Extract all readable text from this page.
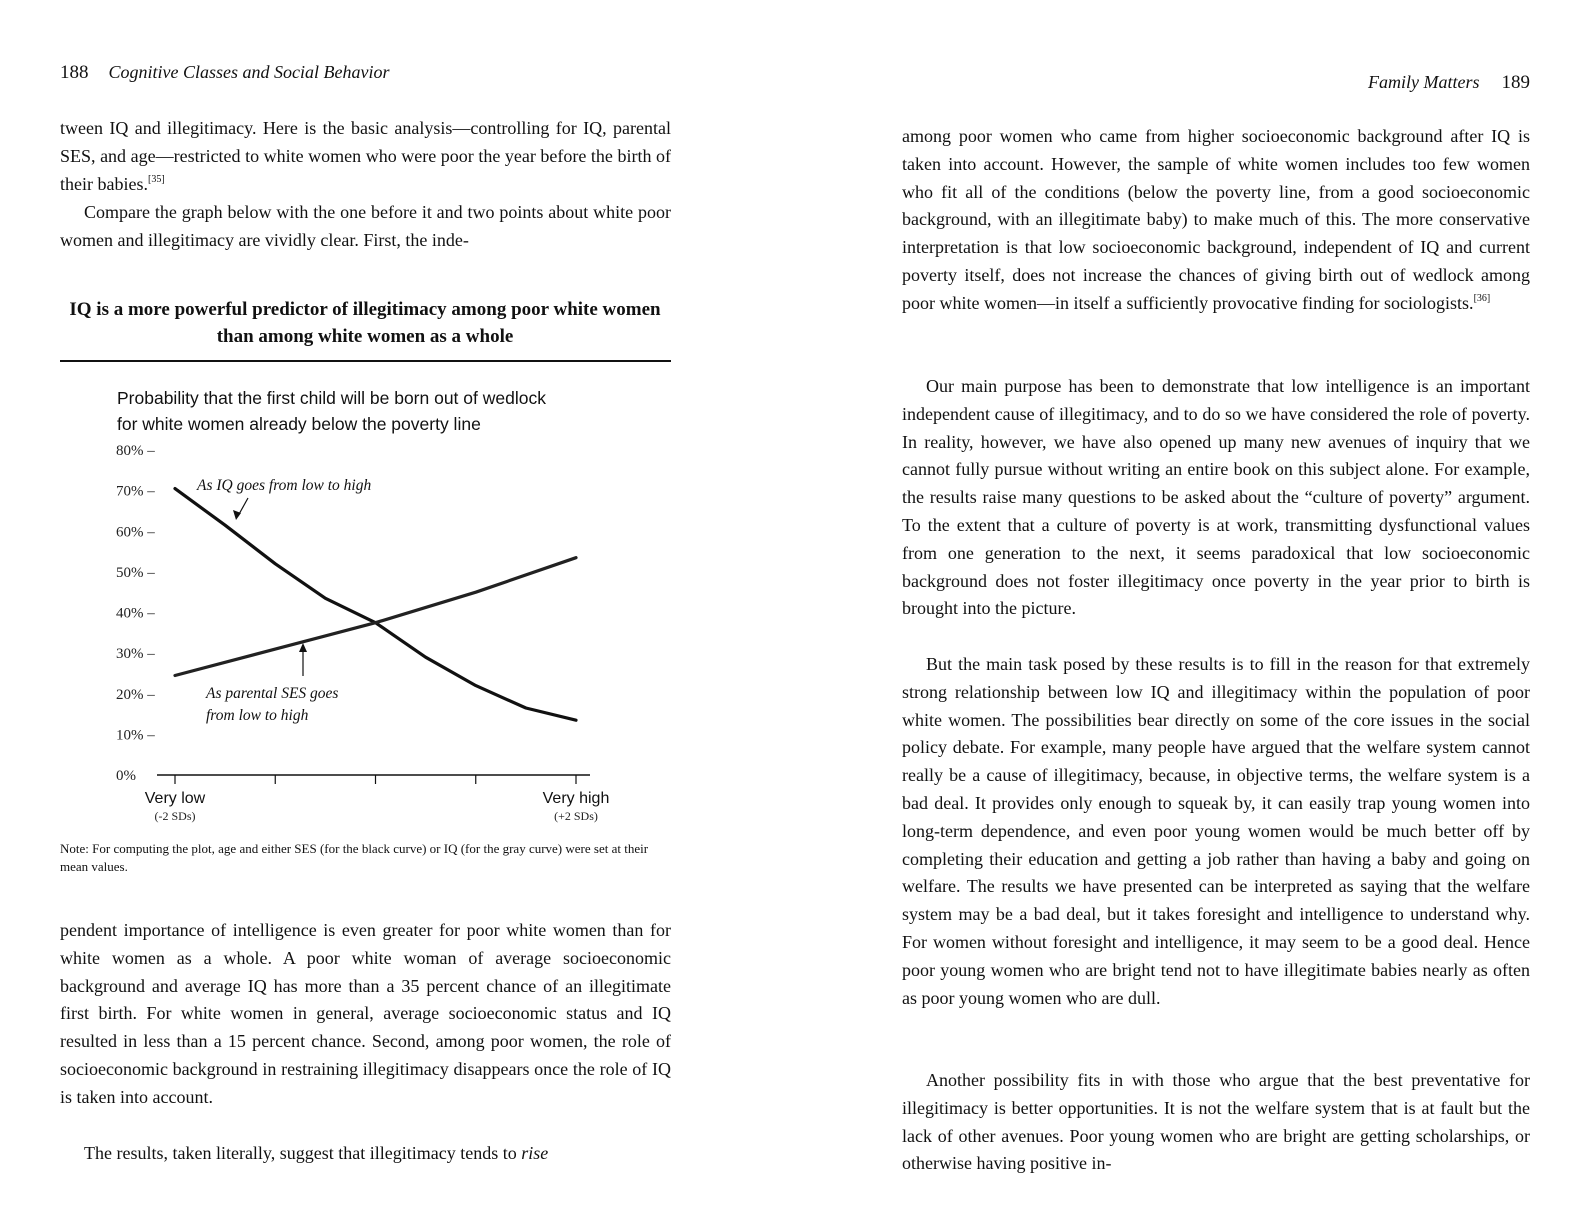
188 Cognitive Classes and Social Behavior

tween IQ and illegitimacy. Here is the basic analysis—controlling for IQ, parental SES, and age—restricted to white women who were poor the year before the birth of their babies.[35]

Compare the graph below with the one before it and two points about white poor women and illegitimacy are vividly clear. First, the inde-

IQ is a more powerful predictor of illegitimacy among poor white women than among white women as a whole
Probability that the first child will be born out of wedlock
for white women already below the poverty line
80% –
70% –
60% –
50% –
40% –
30% –
20% –
10% –
0%
As IQ goes from low to high
As parental SES goes from low to high
Very low
(-2 SDs)
Very high
(+2 SDs)
Note: For computing the plot, age and either SES (for the black curve) or IQ (for the gray curve) were set at their mean values.

pendent importance of intelligence is even greater for poor white women than for white women as a whole. A poor white woman of average socioeconomic background and average IQ has more than a 35 percent chance of an illegitimate first birth. For white women in general, average socioeconomic status and IQ resulted in less than a 15 percent chance. Second, among poor women, the role of socioeconomic background in restraining illegitimacy disappears once the role of IQ is taken into account.

The results, taken literally, suggest that illegitimacy tends to rise

Family Matters 189

among poor women who came from higher socioeconomic background after IQ is taken into account. However, the sample of white women includes too few women who fit all of the conditions (below the poverty line, from a good socioeconomic background, with an illegitimate baby) to make much of this. The more conservative interpretation is that low socioeconomic background, independent of IQ and current poverty itself, does not increase the chances of giving birth out of wedlock among poor white women—in itself a sufficiently provocative finding for sociologists.[36]

Our main purpose has been to demonstrate that low intelligence is an important independent cause of illegitimacy, and to do so we have considered the role of poverty. In reality, however, we have also opened up many new avenues of inquiry that we cannot fully pursue without writing an entire book on this subject alone. For example, the results raise many questions to be asked about the “culture of poverty” argument. To the extent that a culture of poverty is at work, transmitting dysfunctional values from one generation to the next, it seems paradoxical that low socioeconomic background does not foster illegitimacy once poverty in the year prior to birth is brought into the picture.

But the main task posed by these results is to fill in the reason for that extremely strong relationship between low IQ and illegitimacy within the population of poor white women. The possibilities bear directly on some of the core issues in the social policy debate. For example, many people have argued that the welfare system cannot really be a cause of illegitimacy, because, in objective terms, the welfare system is a bad deal. It provides only enough to squeak by, it can easily trap young women into long-term dependence, and even poor young women would be much better off by completing their education and getting a job rather than having a baby and going on welfare. The results we have presented can be interpreted as saying that the welfare system may be a bad deal, but it takes foresight and intelligence to understand why. For women without foresight and intelligence, it may seem to be a good deal. Hence poor young women who are bright tend not to have illegitimate babies nearly as often as poor young women who are dull.

Another possibility fits in with those who argue that the best preventative for illegitimacy is better opportunities. It is not the welfare system that is at fault but the lack of other avenues. Poor young women who are bright are getting scholarships, or otherwise having positive in-
